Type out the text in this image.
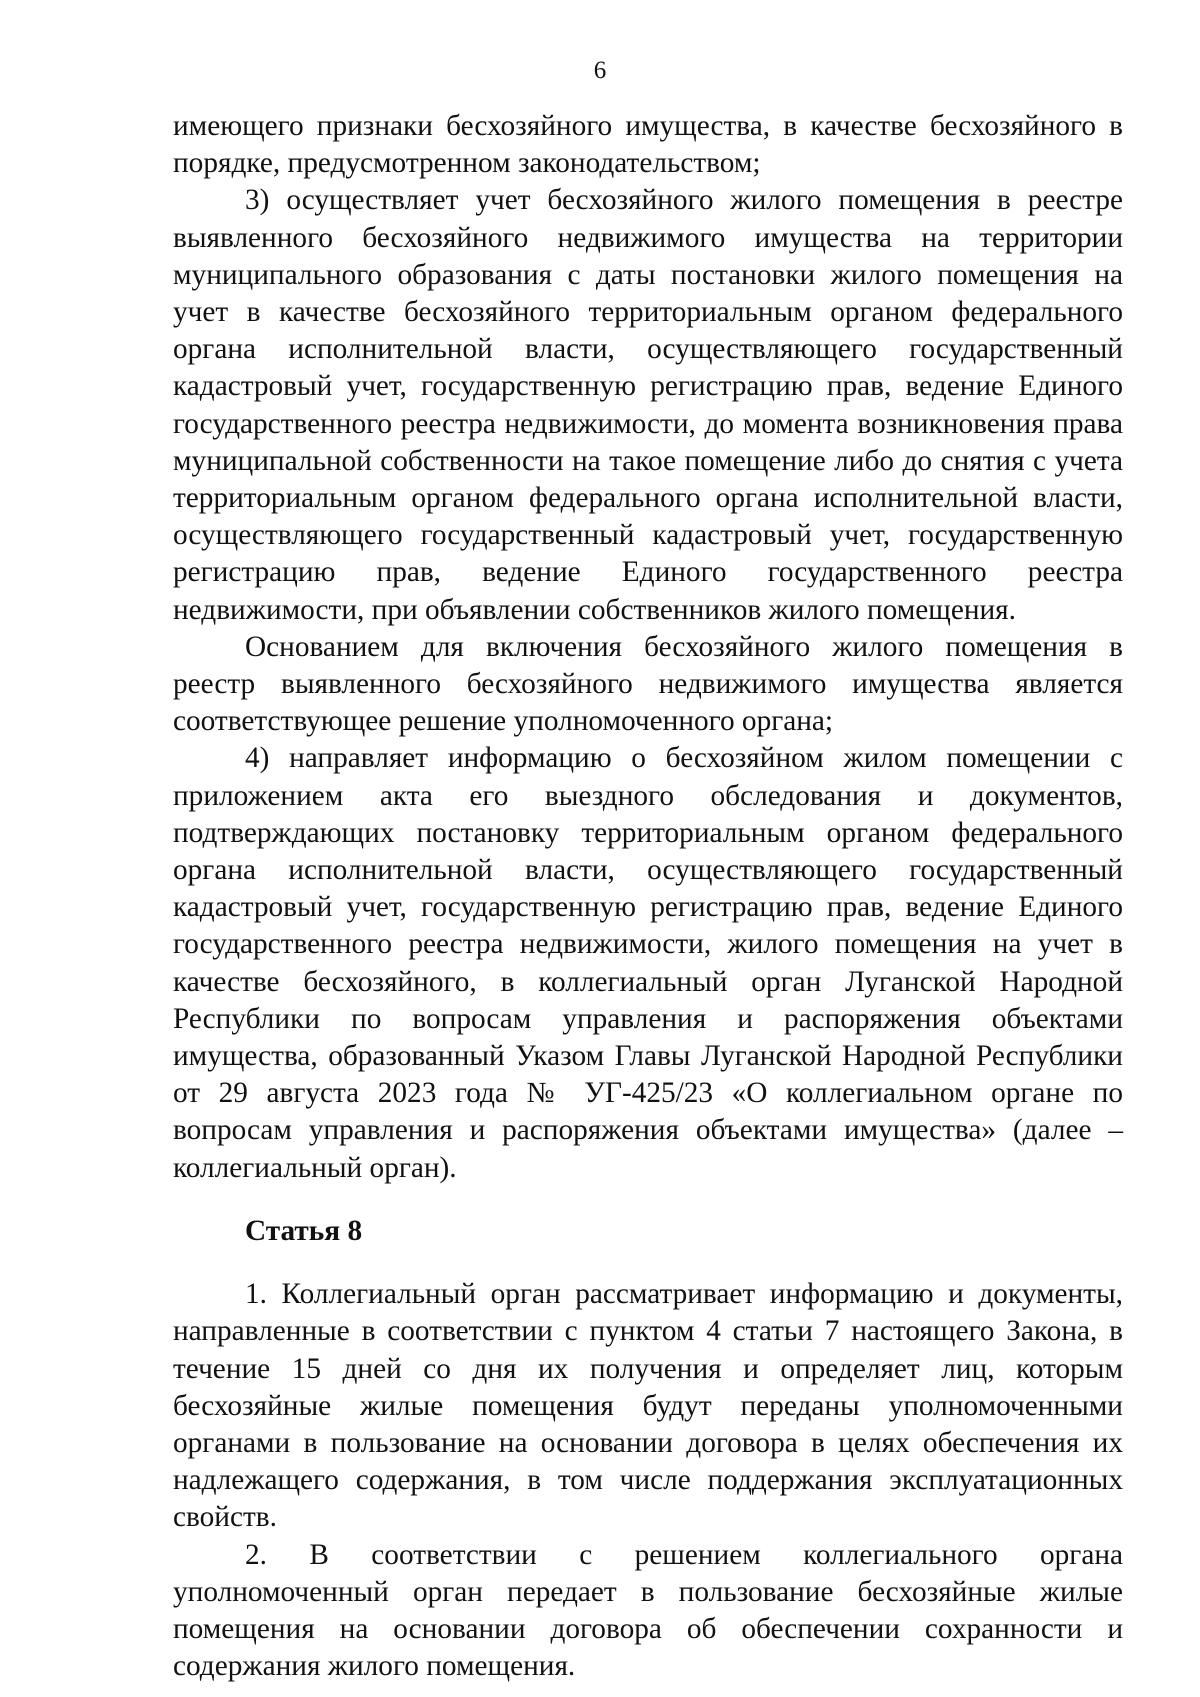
6

имеющего признаки бесхозяйного имущества, в качестве бесхозяйного в порядке, предусмотренном законодательством;

3) осуществляет учет бесхозяйного жилого помещения в реестре выявленного бесхозяйного недвижимого имущества на территории муниципального образования с даты постановки жилого помещения на учет в качестве бесхозяйного территориальным органом федерального органа исполнительной власти, осуществляющего государственный кадастровый учет, государственную регистрацию прав, ведение Единого государственного реестра недвижимости, до момента возникновения права муниципальной собственности на такое помещение либо до снятия с учета территориальным органом федерального органа исполнительной власти, осуществляющего государственный кадастровый учет, государственную регистрацию прав, ведение Единого государственного реестра недвижимости, при объявлении собственников жилого помещения.

Основанием для включения бесхозяйного жилого помещения в реестр выявленного бесхозяйного недвижимого имущества является соответствующее решение уполномоченного органа;

4) направляет информацию о бесхозяйном жилом помещении с приложением акта его выездного обследования и документов, подтверждающих постановку территориальным органом федерального органа исполнительной власти, осуществляющего государственный кадастровый учет, государственную регистрацию прав, ведение Единого государственного реестра недвижимости, жилого помещения на учет в качестве бесхозяйного, в коллегиальный орган Луганской Народной Республики по вопросам управления и распоряжения объектами имущества, образованный Указом Главы Луганской Народной Республики от 29 августа 2023 года № УГ-425/23 «О коллегиальном органе по вопросам управления и распоряжения объектами имущества» (далее – коллегиальный орган).

Статья 8

1. Коллегиальный орган рассматривает информацию и документы, направленные в соответствии с пунктом 4 статьи 7 настоящего Закона, в течение 15 дней со дня их получения и определяет лиц, которым бесхозяйные жилые помещения будут переданы уполномоченными органами в пользование на основании договора в целях обеспечения их надлежащего содержания, в том числе поддержания эксплуатационных свойств.

2. В соответствии с решением коллегиального органа уполномоченный орган передает в пользование бесхозяйные жилые помещения на основании договора об обеспечении сохранности и содержания жилого помещения.
